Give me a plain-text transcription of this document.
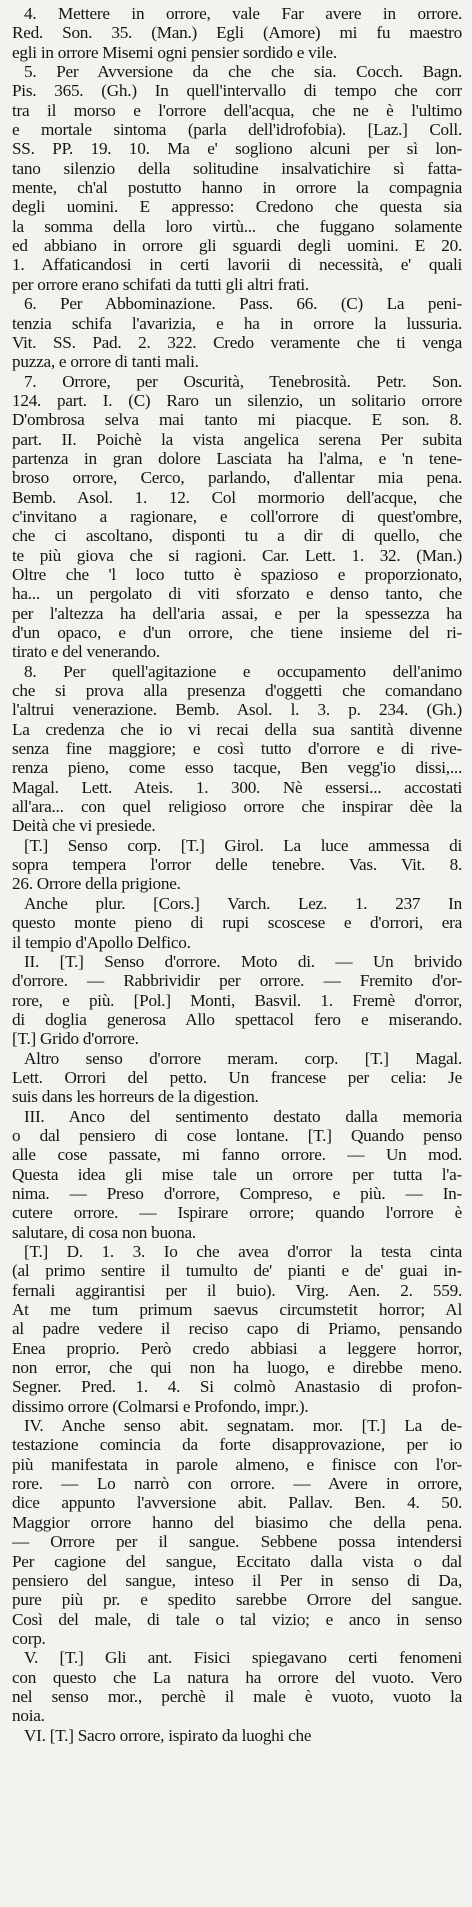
4. Mettere in orrore, vale Far avere in orrore.
Red. Son. 35. (Man.) Egli (Amore) mi fu maestro
egli in orrore Misemi ogni pensier sordido e vile.
5. Per Avversione da che che sia. Cocch. Bagn.
Pis. 365. (Gh.) In quell'intervallo di tempo che corr
tra il morso e l'orrore dell'acqua, che ne è l'ultimo
e mortale sintoma (parla dell'idrofobia). [Laz.] Coll.
SS. PP. 19. 10. Ma e' sogliono alcuni per sì lon-
tano silenzio della solitudine insalvatichire sì fatta-
mente, ch'al postutto hanno in orrore la compagnia
degli uomini. E appresso: Credono che questa sia
la somma della loro virtù... che fuggano solamente
ed abbiano in orrore gli sguardi degli uomini. E 20.
1. Affaticandosi in certi lavorii di necessità, e' quali
per orrore erano schifati da tutti gli altri frati.
6. Per Abbominazione. Pass. 66. (C) La peni-
tenzia schifa l'avarizia, e ha in orrore la lussuria.
Vit. SS. Pad. 2. 322. Credo veramente che ti venga
puzza, e orrore di tanti mali.
7. Orrore, per Oscurità, Tenebrosità. Petr. Son.
124. part. I. (C) Raro un silenzio, un solitario orrore
D'ombrosa selva mai tanto mi piacque. E son. 8.
part. II. Poichè la vista angelica serena Per subita
partenza in gran dolore Lasciata ha l'alma, e 'n tene-
broso orrore, Cerco, parlando, d'allentar mia pena.
Bemb. Asol. 1. 12. Col mormorio dell'acque, che
c'invitano a ragionare, e coll'orrore di quest'ombre,
che ci ascoltano, disponti tu a dir di quello, che
te più giova che si ragioni. Car. Lett. 1. 32. (Man.)
Oltre che 'l loco tutto è spazioso e proporzionato,
ha... un pergolato di viti sforzato e denso tanto, che
per l'altezza ha dell'aria assai, e per la spessezza ha
d'un opaco, e d'un orrore, che tiene insieme del ri-
tirato e del venerando.
8. Per quell'agitazione e occupamento dell'animo
che si prova alla presenza d'oggetti che comandano
l'altrui venerazione. Bemb. Asol. l. 3. p. 234. (Gh.)
La credenza che io vi recai della sua santità divenne
senza fine maggiore; e così tutto d'orrore e di rive-
renza pieno, come esso tacque, Ben vegg'io dissi,...
Magal. Lett. Ateis. 1. 300. Nè essersi... accostati
all'ara... con quel religioso orrore che inspirar dèe la
Deità che vi presiede.
[T.] Senso corp. [T.] Girol. La luce ammessa di
sopra tempera l'orror delle tenebre. Vas. Vit. 8.
26. Orrore della prigione.
Anche plur. [Cors.] Varch. Lez. 1. 237 In
questo monte pieno di rupi scoscese e d'orrori, era
il tempio d'Apollo Delfico.
II. [T.] Senso d'orrore. Moto di. — Un brivido
d'orrore. — Rabbrividir per orrore. — Fremito d'or-
rore, e più. [Pol.] Monti, Basvil. 1. Fremè d'orror,
di doglia generosa Allo spettacol fero e miserando.
[T.] Grido d'orrore.
Altro senso d'orrore meram. corp. [T.] Magal.
Lett. Orrori del petto. Un francese per celia: Je
suis dans les horreurs de la digestion.
III. Anco del sentimento destato dalla memoria
o dal pensiero di cose lontane. [T.] Quando penso
alle cose passate, mi fanno orrore. — Un mod.
Questa idea gli mise tale un orrore per tutta l'a-
nima. — Preso d'orrore, Compreso, e più. — In-
cutere orrore. — Ispirare orrore; quando l'orrore è
salutare, di cosa non buona.
[T.] D. 1. 3. Io che avea d'orror la testa cinta
(al primo sentire il tumulto de' pianti e de' guai in-
fernali aggirantisi per il buio). Virg. Aen. 2. 559.
At me tum primum saevus circumstetit horror; Al
al padre vedere il reciso capo di Priamo, pensando
Enea proprio. Però credo abbiasi a leggere horror,
non error, che qui non ha luogo, e direbbe meno.
Segner. Pred. 1. 4. Si colmò Anastasio di profon-
dissimo orrore (Colmarsi e Profondo, impr.).
IV. Anche senso abit. segnatam. mor. [T.] La de-
testazione comincia da forte disapprovazione, per io
più manifestata in parole almeno, e finisce con l'or-
rore. — Lo narrò con orrore. — Avere in orrore,
dice appunto l'avversione abit. Pallav. Ben. 4. 50.
Maggior orrore hanno del biasimo che della pena.
— Orrore per il sangue. Sebbene possa intendersi
Per cagione del sangue, Eccitato dalla vista o dal
pensiero del sangue, inteso il Per in senso di Da,
pure più pr. e spedito sarebbe Orrore del sangue.
Così del male, di tale o tal vizio; e anco in senso
corp.
V. [T.] Gli ant. Fisici spiegavano certi fenomeni
con questo che La natura ha orrore del vuoto. Vero
nel senso mor., perchè il male è vuoto, vuoto la
noia.
VI. [T.] Sacro orrore, ispirato da luoghi che
